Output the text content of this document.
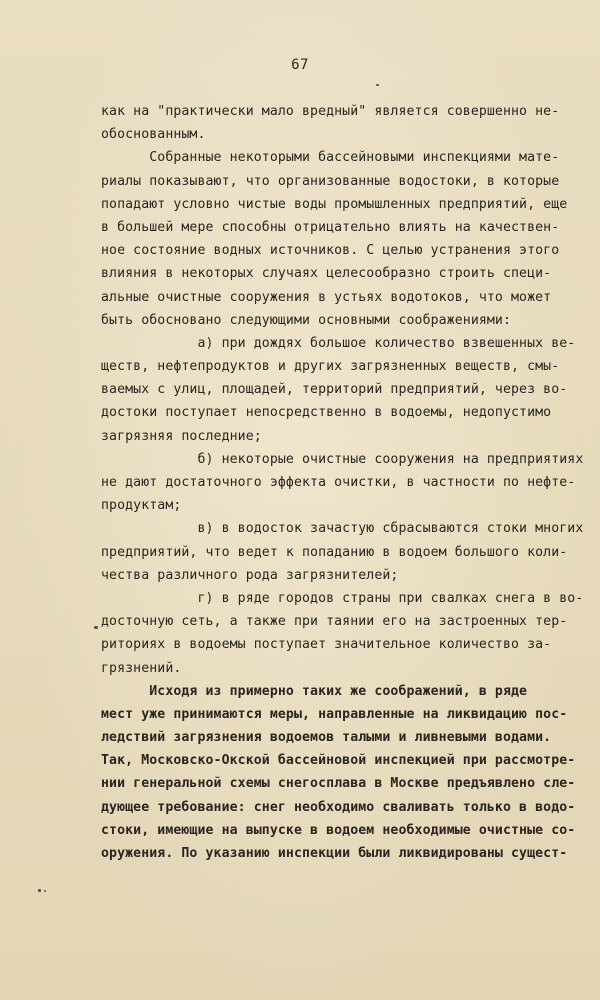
67
как на "практически мало вредный" является совершенно не-
обоснованным.
Собранные некоторыми бассейновыми инспекциями мате-
риалы показывают, что организованные водостоки, в которые
попадают условно чистые воды промышленных предприятий, еще
в большей мере способны отрицательно влиять на качествен-
ное состояние водных источников. С целью устранения этого
влияния в некоторых случаях целесообразно строить специ-
альные очистные сооружения в устьях водотоков, что может
быть обосновано следующими основными соображениями:
а) при дождях большое количество взвешенных ве-
ществ, нефтепродуктов и других загрязненных веществ, смы-
ваемых с улиц, площадей, территорий предприятий, через во-
достоки поступает непосредственно в водоемы, недопустимо
загрязняя последние;
б) некоторые очистные сооружения на предприятиях
не дают достаточного эффекта очистки, в частности по нефте-
продуктам;
в) в водосток зачастую сбрасываются стоки многих
предприятий, что ведет к попаданию в водоем большого коли-
чества различного рода загрязнителей;
г) в ряде городов страны при свалках снега в во-
досточную сеть, а также при таянии его на застроенных тер-
риториях в водоемы поступает значительное количество за-
грязнений.
Исходя из примерно таких же соображений, в ряде
мест уже принимаются меры, направленные на ликвидацию пос-
ледствий загрязнения водоемов талыми и ливневыми водами.
Так, Московско-Окской бассейновой инспекцией при рассмотре-
нии генеральной схемы снегосплава в Москве предъявлено сле-
дующее требование: снег необходимо сваливать только в водо-
стоки, имеющие на выпуске в водоем необходимые очистные со-
оружения. По указанию инспекции были ликвидированы сущест-
